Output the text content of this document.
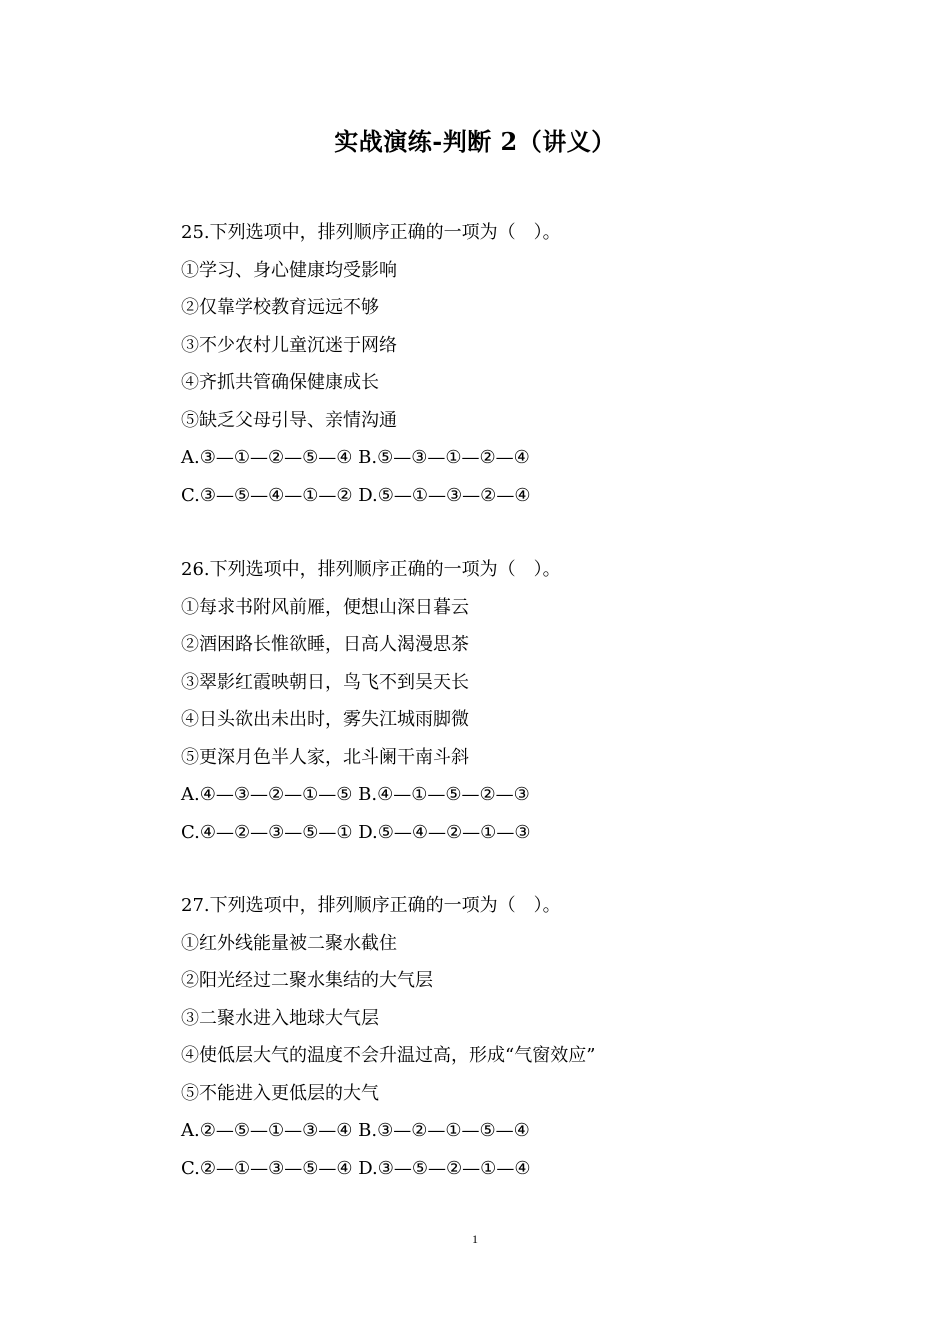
实战演练-判断 2（讲义）
25.下列选项中，排列顺序正确的一项为（　）。
①学习、身心健康均受影响
②仅靠学校教育远远不够
③不少农村儿童沉迷于网络
④齐抓共管确保健康成长
⑤缺乏父母引导、亲情沟通
A.③—①—②—⑤—④ B.⑤—③—①—②—④
C.③—⑤—④—①—② D.⑤—①—③—②—④
26.下列选项中，排列顺序正确的一项为（　）。
①每求书附风前雁，便想山深日暮云
②酒困路长惟欲睡，日高人渴漫思茶
③翠影红霞映朝日，鸟飞不到吴天长
④日头欲出未出时，雾失江城雨脚微
⑤更深月色半人家，北斗阑干南斗斜
A.④—③—②—①—⑤ B.④—①—⑤—②—③
C.④—②—③—⑤—① D.⑤—④—②—①—③
27.下列选项中，排列顺序正确的一项为（　）。
①红外线能量被二聚水截住
②阳光经过二聚水集结的大气层
③二聚水进入地球大气层
④使低层大气的温度不会升温过高，形成“气窗效应”
⑤不能进入更低层的大气
A.②—⑤—①—③—④ B.③—②—①—⑤—④
C.②—①—③—⑤—④ D.③—⑤—②—①—④
1
